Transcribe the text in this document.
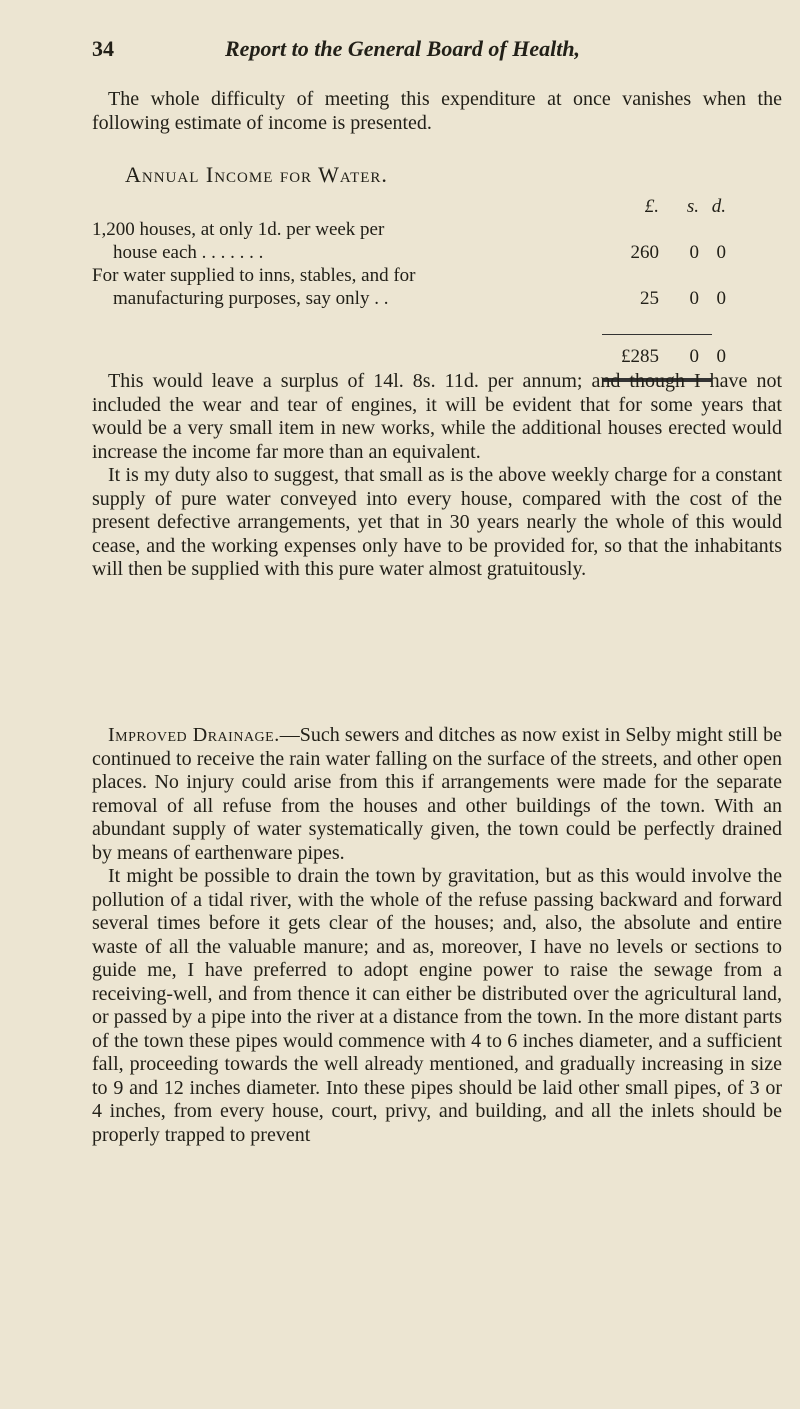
34	Report to the General Board of Health,

The whole difficulty of meeting this expenditure at once vanishes when the following estimate of income is presented.

Annual Income for Water.
£. s. d.
1,200 houses, at only 1d. per week per
house each . . . . . . .	260 0 0
For water supplied to inns, stables, and for
manufacturing purposes, say only . .	25 0 0
£285 0 0

This would leave a surplus of 14l. 8s. 11d. per annum; and though I have not included the wear and tear of engines, it will be evident that for some years that would be a very small item in new works, while the additional houses erected would increase the income far more than an equivalent.

It is my duty also to suggest, that small as is the above weekly charge for a constant supply of pure water conveyed into every house, compared with the cost of the present defective arrangements, yet that in 30 years nearly the whole of this would cease, and the working expenses only have to be provided for, so that the inhabitants will then be supplied with this pure water almost gratuitously.

Improved Drainage.—Such sewers and ditches as now exist in Selby might still be continued to receive the rain water falling on the surface of the streets, and other open places. No injury could arise from this if arrangements were made for the separate removal of all refuse from the houses and other buildings of the town. With an abundant supply of water systematically given, the town could be perfectly drained by means of earthenware pipes.

It might be possible to drain the town by gravitation, but as this would involve the pollution of a tidal river, with the whole of the refuse passing backward and forward several times before it gets clear of the houses; and, also, the absolute and entire waste of all the valuable manure; and as, moreover, I have no levels or sections to guide me, I have preferred to adopt engine power to raise the sewage from a receiving-well, and from thence it can either be distributed over the agricultural land, or passed by a pipe into the river at a distance from the town. In the more distant parts of the town these pipes would commence with 4 to 6 inches diameter, and a sufficient fall, proceeding towards the well already mentioned, and gradually increasing in size to 9 and 12 inches diameter. Into these pipes should be laid other small pipes, of 3 or 4 inches, from every house, court, privy, and building, and all the inlets should be properly trapped to prevent
